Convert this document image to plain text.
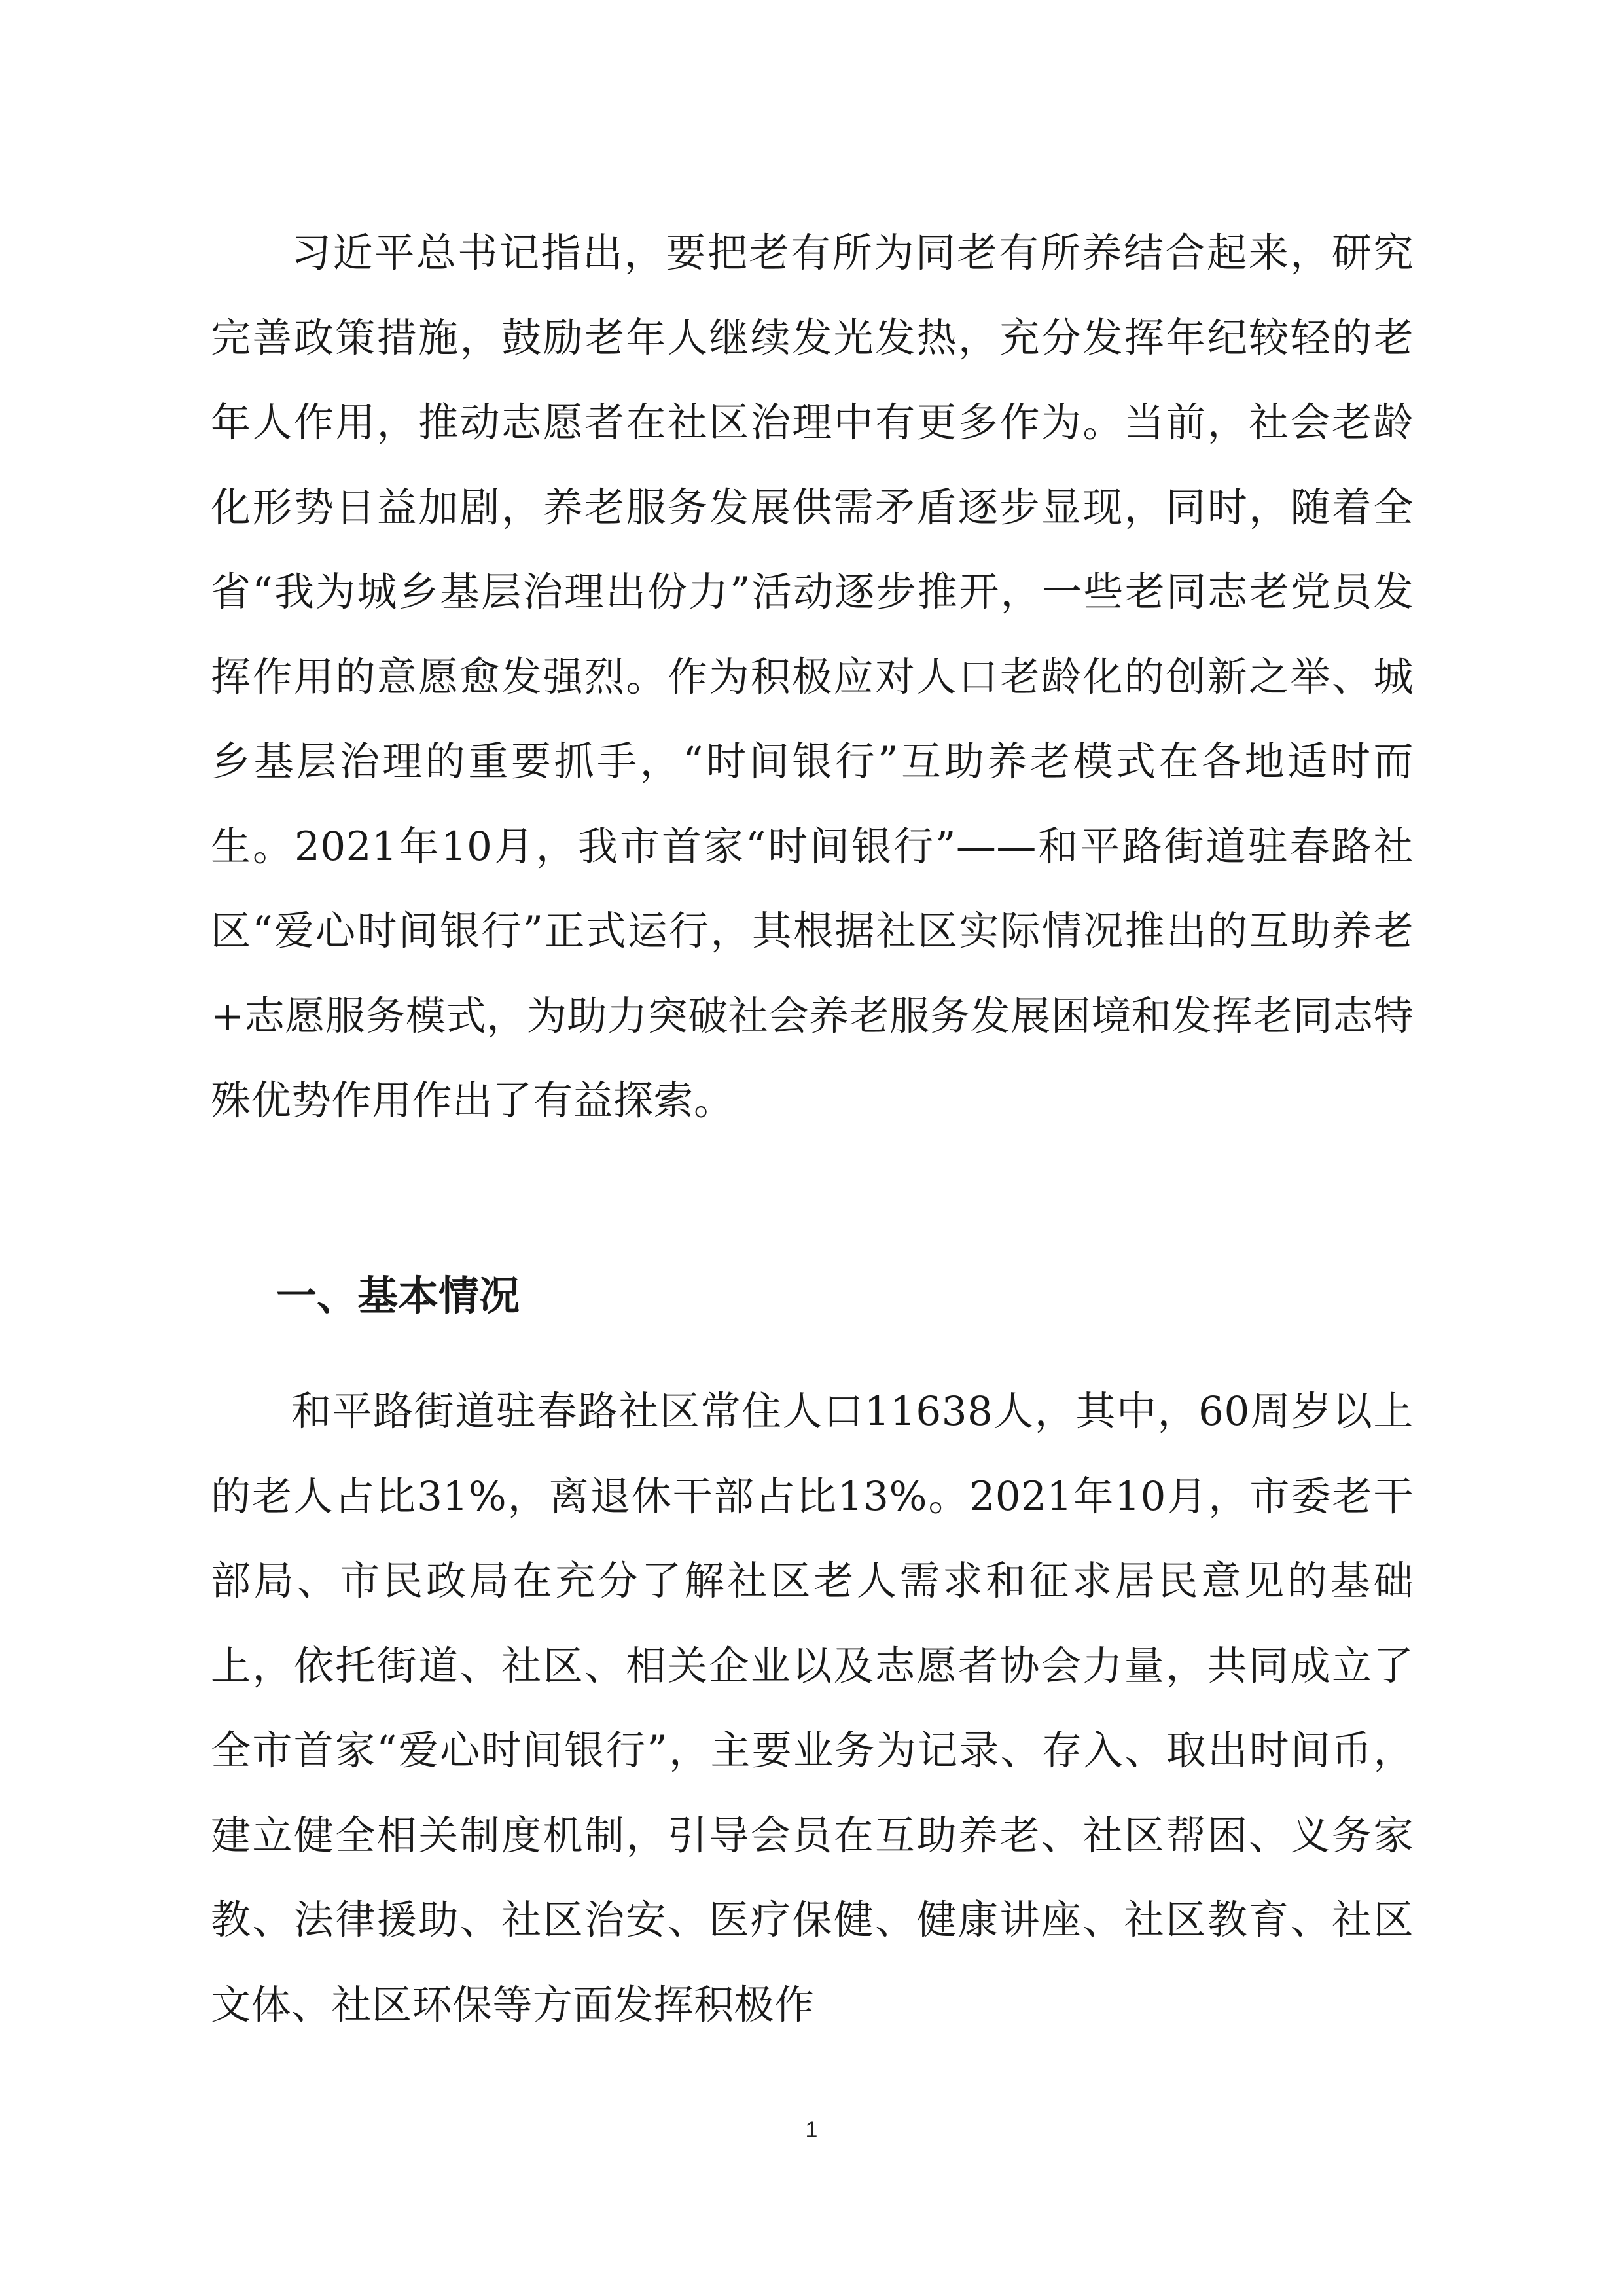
习近平总书记指出，要把老有所为同老有所养结合起来，研究完善政策措施，鼓励老年人继续发光发热，充分发挥年纪较轻的老年人作用，推动志愿者在社区治理中有更多作为。当前，社会老龄化形势日益加剧，养老服务发展供需矛盾逐步显现，同时，随着全省“我为城乡基层治理出份力”活动逐步推开，一些老同志老党员发挥作用的意愿愈发强烈。作为积极应对人口老龄化的创新之举、城乡基层治理的重要抓手，“时间银行”互助养老模式在各地适时而生。2021年10月，我市首家“时间银行”——和平路街道驻春路社区“爱心时间银行”正式运行，其根据社区实际情况推出的互助养老+志愿服务模式，为助力突破社会养老服务发展困境和发挥老同志特殊优势作用作出了有益探索。

一、基本情况

和平路街道驻春路社区常住人口11638人，其中，60周岁以上的老人占比31%，离退休干部占比13%。2021年10月，市委老干部局、市民政局在充分了解社区老人需求和征求居民意见的基础上，依托街道、社区、相关企业以及志愿者协会力量，共同成立了全市首家“爱心时间银行”，主要业务为记录、存入、取出时间币，建立健全相关制度机制，引导会员在互助养老、社区帮困、义务家教、法律援助、社区治安、医疗保健、健康讲座、社区教育、社区文体、社区环保等方面发挥积极作

1
